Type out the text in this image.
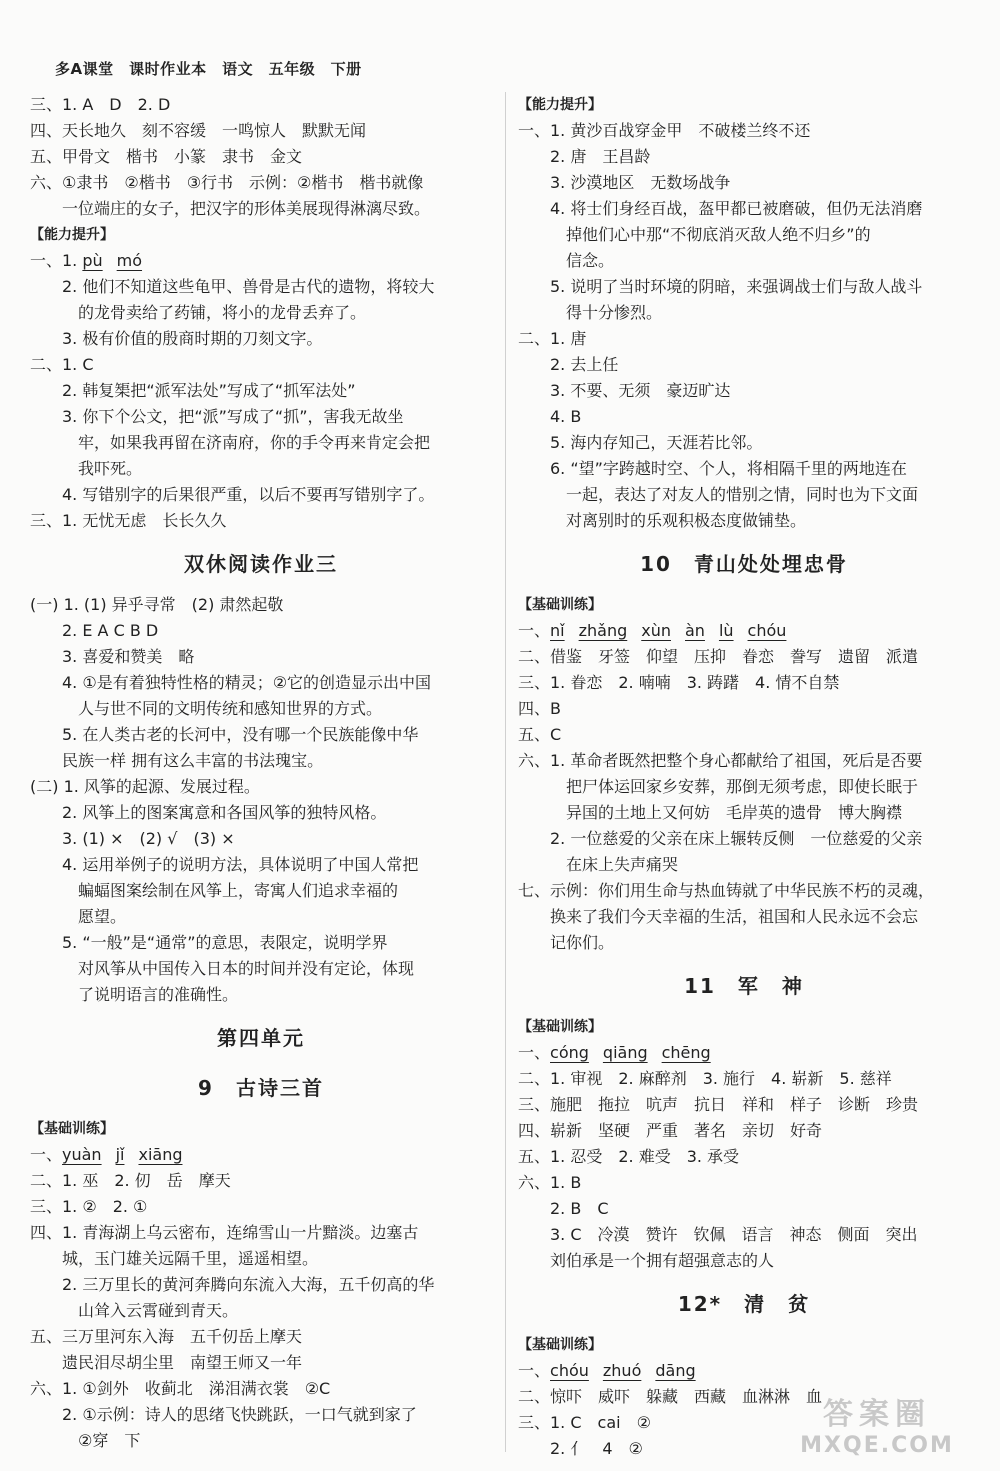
多A课堂　课时作业本　语文　五年级　下册
三、1. A　D　2. D
四、天长地久　刻不容缓　一鸣惊人　默默无闻
五、甲骨文　楷书　小篆　隶书　金文
六、①隶书　②楷书　③行书　示例：②楷书　楷书就像
　　一位端庄的女子，把汉字的形体美展现得淋漓尽致。
【能力提升】
一、1. pù mó
　　2. 他们不知道这些龟甲、兽骨是古代的遗物，将较大
　　　的龙骨卖给了药铺，将小的龙骨丢弃了。
　　3. 极有价值的殷商时期的刀刻文字。
二、1. C
　　2. 韩复榘把“派军法处”写成了“抓军法处”
　　3. 你下个公文，把“派”写成了“抓”，害我无故坐
　　　牢，如果我再留在济南府，你的手令再来肯定会把
　　　我吓死。
　　4. 写错别字的后果很严重，以后不要再写错别字了。
三、1. 无忧无虑　长长久久
双休阅读作业三
(一) 1. (1) 异乎寻常　(2) 肃然起敬
　　2. E A C B D
　　3. 喜爱和赞美　略
　　4. ①是有着独特性格的精灵；②它的创造显示出中国
　　　人与世不同的文明传统和感知世界的方式。
　　5. 在人类古老的长河中，没有哪一个民族能像中华
　　民族一样 拥有这么丰富的书法瑰宝。
(二) 1. 风筝的起源、发展过程。
　　2. 风筝上的图案寓意和各国风筝的独特风格。
　　3. (1) ×　(2) √　(3) ×
　　4. 运用举例子的说明方法，具体说明了中国人常把
　　　蝙蝠图案绘制在风筝上，寄寓人们追求幸福的
　　　愿望。
　　5. “一般”是“通常”的意思，表限定，说明学界
　　　对风筝从中国传入日本的时间并没有定论，体现
　　　了说明语言的准确性。
第四单元
9　古诗三首
【基础训练】
一、yuàn jǐ xiāng
二、1. 巫　2. 仞　岳　摩天
三、1. ②　2. ①
四、1. 青海湖上乌云密布，连绵雪山一片黯淡。边塞古
　　城，玉门雄关远隔千里，遥遥相望。
　　2. 三万里长的黄河奔腾向东流入大海，五千仞高的华
　　　山耸入云霄碰到青天。
五、三万里河东入海　五千仞岳上摩天
　　遗民泪尽胡尘里　南望王师又一年
六、1. ①剑外　收蓟北　涕泪满衣裳　②C
　　2. ①示例：诗人的思绪飞快跳跃，一口气就到家了
　　　②穿　下
【能力提升】
一、1. 黄沙百战穿金甲　不破楼兰终不还
　　2. 唐　王昌龄
　　3. 沙漠地区　无数场战争
　　4. 将士们身经百战，盔甲都已被磨破，但仍无法消磨
　　　掉他们心中那“不彻底消灭敌人绝不归乡”的
　　　信念。
　　5. 说明了当时环境的阴暗，来强调战士们与敌人战斗
　　　得十分惨烈。
二、1. 唐
　　2. 去上任
　　3. 不要、无须　豪迈旷达
　　4. B
　　5. 海内存知己，天涯若比邻。
　　6. “望”字跨越时空、个人，将相隔千里的两地连在
　　　一起，表达了对友人的惜别之情，同时也为下文面
　　　对离别时的乐观积极态度做铺垫。
10　青山处处埋忠骨
【基础训练】
一、nǐ zhǎng xùn àn lù chóu
二、借鉴　牙签　仰望　压抑　眷恋　誊写　遗留　派遣
三、1. 眷恋　2. 喃喃　3. 踌躇　4. 情不自禁
四、B
五、C
六、1. 革命者既然把整个身心都献给了祖国，死后是否要
　　　把尸体运回家乡安葬，那倒无须考虑，即使长眠于
　　　异国的土地上又何妨　毛岸英的遗骨　博大胸襟
　　2. 一位慈爱的父亲在床上辗转反侧　一位慈爱的父亲
　　　在床上失声痛哭
七、示例：你们用生命与热血铸就了中华民族不朽的灵魂，
　　换来了我们今天幸福的生活，祖国和人民永远不会忘
　　记你们。
11　军　神
【基础训练】
一、cóng qiāng chēng
二、1. 审视　2. 麻醉剂　3. 施行　4. 崭新　5. 慈祥
三、施肥　拖拉　吭声　抗日　祥和　样子　诊断　珍贵
四、崭新　坚硬　严重　著名　亲切　好奇
五、1. 忍受　2. 难受　3. 承受
六、1. B
　　2. B　C
　　3. C　冷漠　赞许　钦佩　语言　神态　侧面　突出
　　刘伯承是一个拥有超强意志的人
12*　清　贫
【基础训练】
一、chóu zhuó dāng
二、惊吓　威吓　躲藏　西藏　血淋淋　血
三、1. C　cai　②
　　2. 亻　4　②
答案圈
MXQE.COM
